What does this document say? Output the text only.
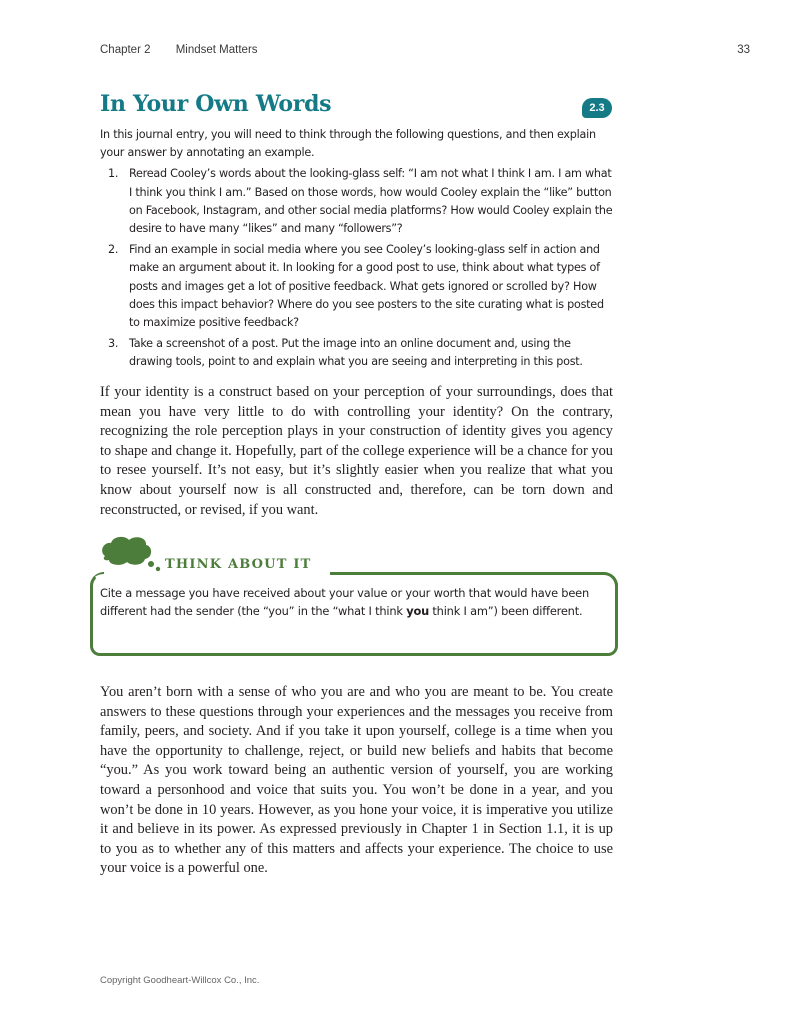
Chapter 2 Mindset Matters	33
In Your Own Words	2.3

In this journal entry, you will need to think through the following questions, and then explain your answer by annotating an example.

1. Reread Cooley’s words about the looking-glass self: “I am not what I think I am. I am what I think you think I am.” Based on those words, how would Cooley explain the “like” button on Facebook, Instagram, and other social media platforms? How would Cooley explain the desire to have many “likes” and many “followers”?
2. Find an example in social media where you see Cooley’s looking-glass self in action and make an argument about it. In looking for a good post to use, think about what types of posts and images get a lot of positive feedback. What gets ignored or scrolled by? How does this impact behavior? Where do you see posters to the site curating what is posted to maximize positive feedback?
3. Take a screenshot of a post. Put the image into an online document and, using the drawing tools, point to and explain what you are seeing and interpreting in this post.

If your identity is a construct based on your perception of your surroundings, does that mean you have very little to do with controlling your identity? On the contrary, recognizing the role perception plays in your construction of identity gives you agency to shape and change it. Hopefully, part of the college experience will be a chance for you to resee yourself. It’s not easy, but it’s slightly easier when you realize that what you know about yourself now is all constructed and, therefore, can be torn down and reconstructed, or revised, if you want.

THINK ABOUT IT
Cite a message you have received about your value or your worth that would have been different had the sender (the “you” in the “what I think you think I am”) been different.

You aren’t born with a sense of who you are and who you are meant to be. You create answers to these questions through your experiences and the messages you receive from family, peers, and society. And if you take it upon yourself, college is a time when you have the opportunity to challenge, reject, or build new beliefs and habits that become “you.” As you work toward being an authentic version of yourself, you are working toward a personhood and voice that suits you. You won’t be done in a year, and you won’t be done in 10 years. However, as you hone your voice, it is imperative you utilize it and believe in its power. As expressed previously in Chapter 1 in Section 1.1, it is up to you as to whether any of this matters and affects your experience. The choice to use your voice is a powerful one.

Copyright Goodheart-Willcox Co., Inc.
